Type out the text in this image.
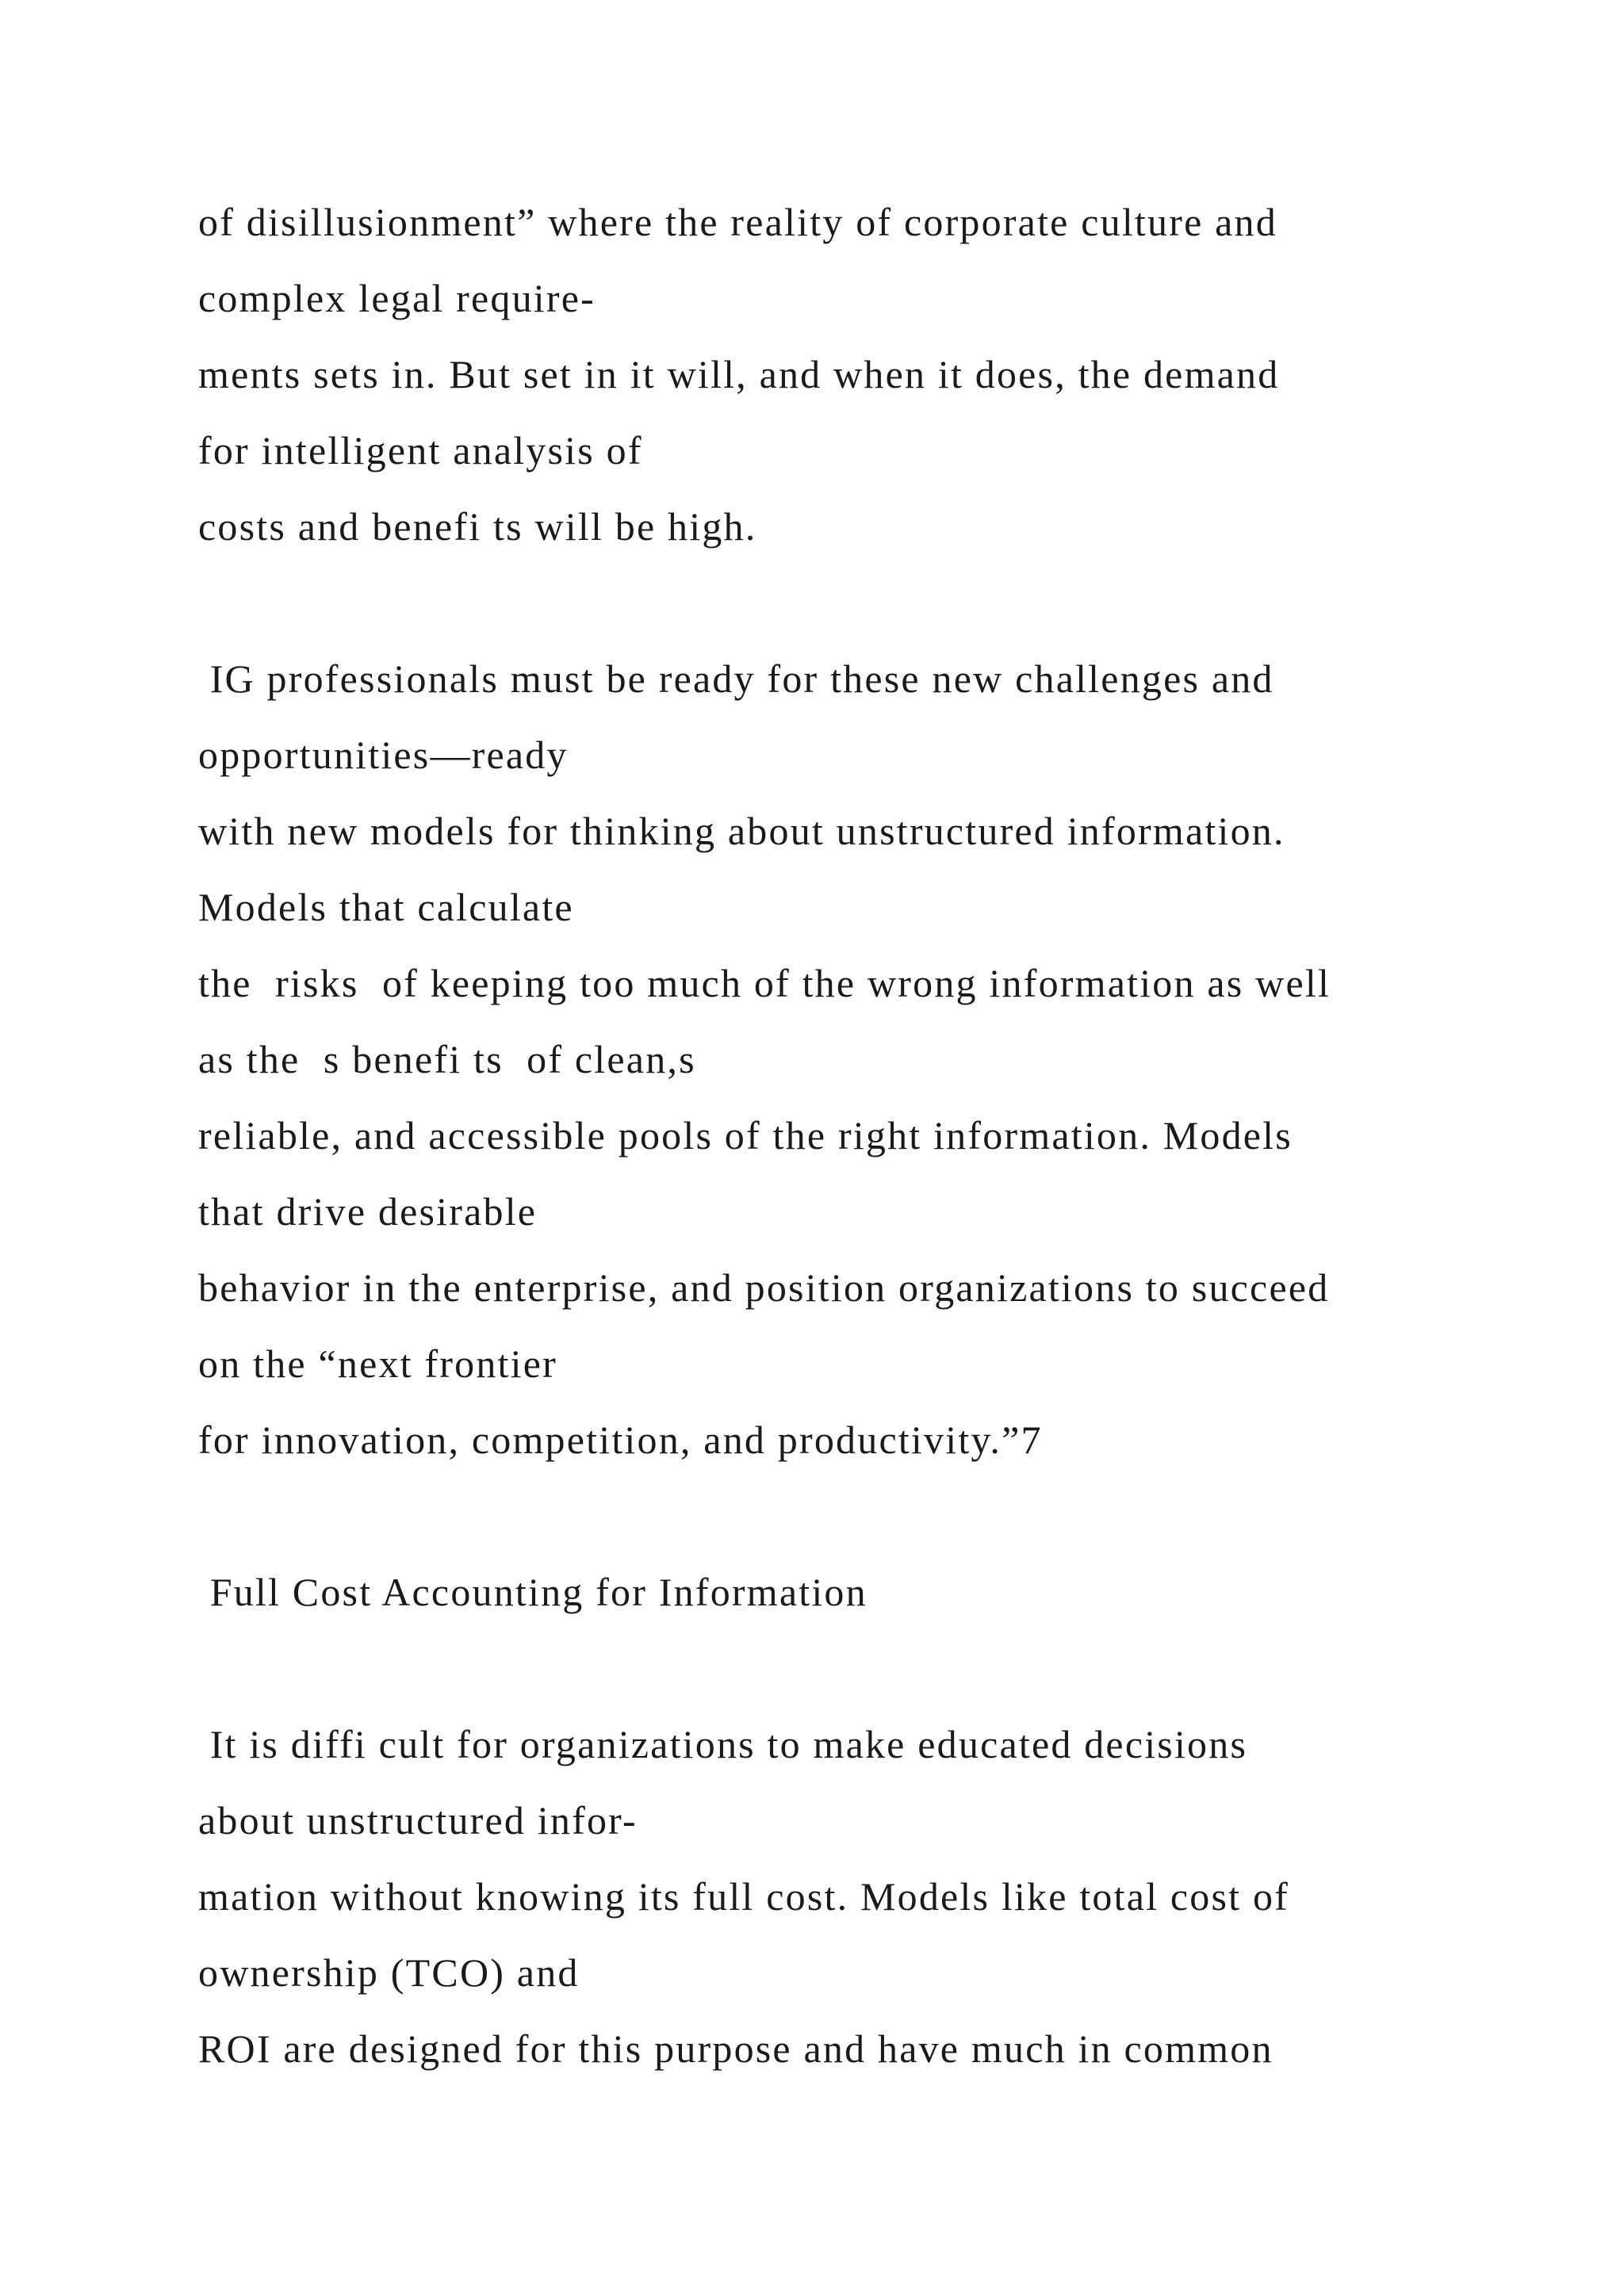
of disillusionment” where the reality of corporate culture and

complex legal require-

ments sets in. But set in it will, and when it does, the demand

for intelligent analysis of

costs and benefi ts will be high.

IG professionals must be ready for these new challenges and

opportunities—ready

with new models for thinking about unstructured information.

Models that calculate

the  risks  of keeping too much of the wrong information as well

as the  s benefi ts  of clean,s

reliable, and accessible pools of the right information. Models

that drive desirable

behavior in the enterprise, and position organizations to succeed

on the “next frontier

for innovation, competition, and productivity.”7

Full Cost Accounting for Information

It is diffi cult for organizations to make educated decisions

about unstructured infor-

mation without knowing its full cost. Models like total cost of

ownership (TCO) and

ROI are designed for this purpose and have much in common
